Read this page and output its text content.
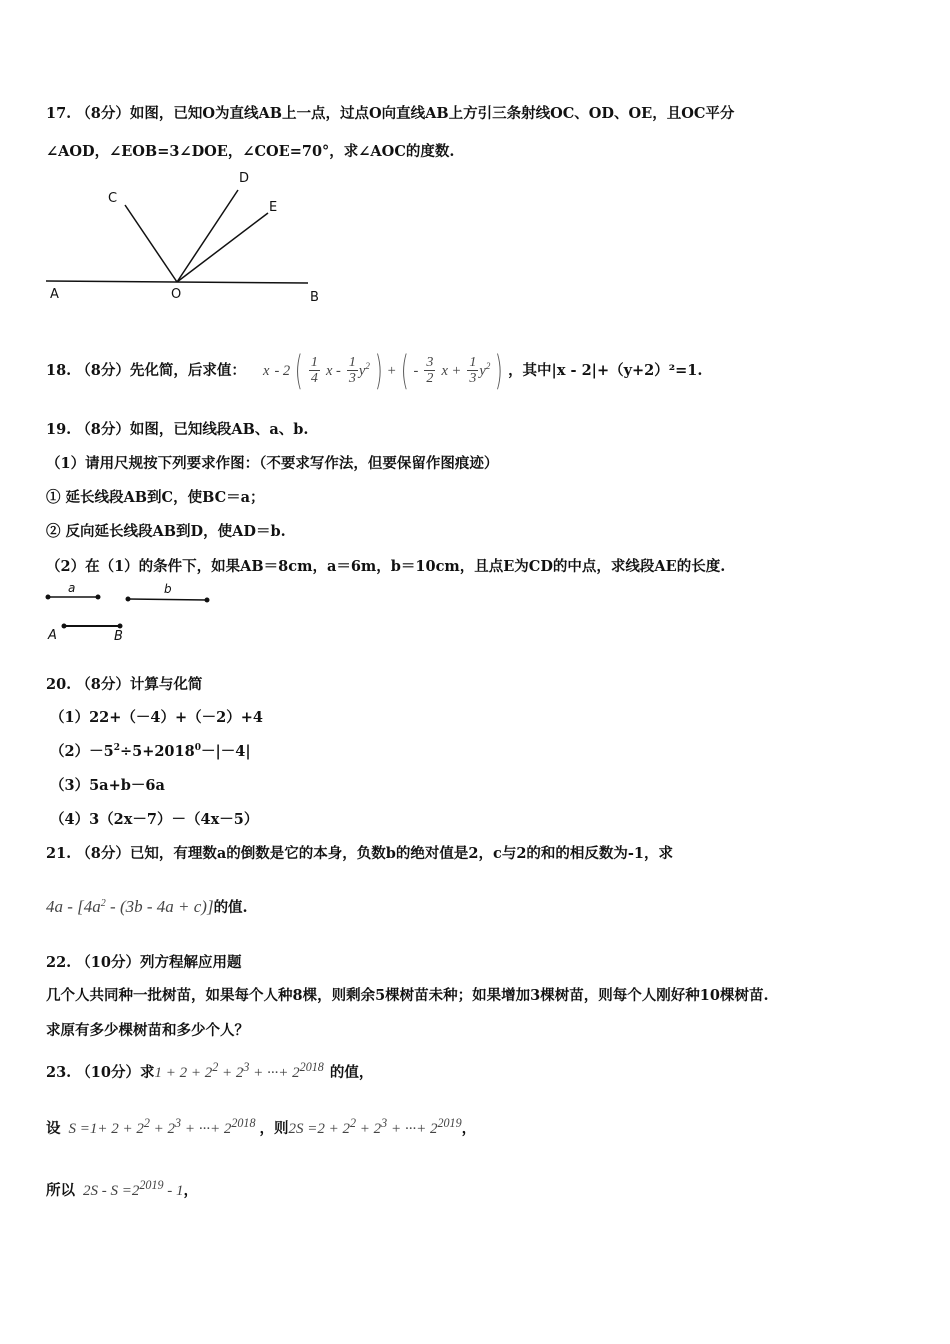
17. （8分）如图，已知O为直线AB上一点，过点O向直线AB上方引三条射线OC、OD、OE，且OC平分
∠AOD，∠EOB=3∠DOE，∠COE=70°，求∠AOC的度数.
A	O	B
C
D
E
18. （8分）先化简，后求值： x - 2 ( $\frac{1}{4}$ x - $\frac{1}{3} y^2$ ) + ( - $\frac{3}{2}$ $x + \frac{1}{3} y^2$ ) ，其中|x - 2|+（y+2）²=1.
19. （8分）如图，已知线段AB、a、b.
（1）请用尺规按下列要求作图：（不要求写作法，但要保留作图痕迹）
① 延长线段AB到C，使BC＝a；
② 反向延长线段AB到D，使AD＝b.
（2）在（1）的条件下，如果AB＝8cm，a＝6m，b＝10cm，且点E为CD的中点，求线段AE的长度.
a	b
A	B
20. （8分）计算与化简
（1）22+（－4）+（－2）+4
$(2)-5^2\div 5+2018^0-|-4|$
（3）5a+b－6a
（4）3（2x－7）－（4x－5）
21. （8分）已知，有理数a的倒数是它的本身，负数b的绝对值是2，c与2的和的相反数为-1，求
$4a - [4a^2 - (3b - 4a + c)]$的值.
22. （10分）列方程解应用题
几个人共同种一批树苗，如果每个人种8棵，则剩余5棵树苗未种；如果增加3棵树苗，则每个人刚好种10棵树苗.
求原有多少棵树苗和多少个人？
23. （10分）求$1 + 2 + 2^2 + 2^3$ + ···+ $2^{2018}$ 的值，
设 $S =1+ 2 + 2^2 + 2^3$ + ···+ $2^{2018}$ ，则$2S =2 + 2^2 + 2^3$ + ···+ $2^{2019}$，
所以 $2S - S =2^{2019} - 1$，
